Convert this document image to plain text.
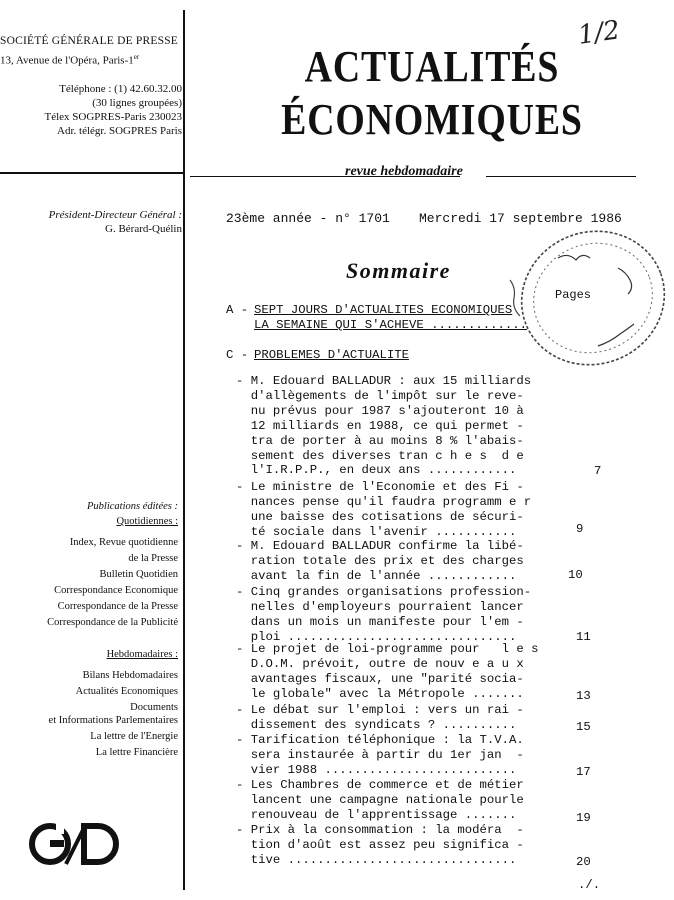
SOCIÉTÉ GÉNÉRALE DE PRESSE
13, Avenue de l'Opéra, Paris-1er
Téléphone : (1) 42.60.32.00
(30 lignes groupées)
Télex SOGPRES-Paris 230023
Adr. télégr. SOGPRES Paris
Président-Directeur Général :
G. Bérard-Quélin
Publications éditées :
Quotidiennes :
Index, Revue quotidienne
de la Presse
Bulletin Quotidien
Correspondance Economique
Correspondance de la Presse
Correspondance de la Publicité
Hebdomadaires :
Bilans Hebdomadaires
Actualités Economiques
Documents
et Informations Parlementaires
La lettre de l'Energie
La lettre Financière
ACTUALITÉS
ÉCONOMIQUES
revue hebdomadaire
1/2
23ème année - n° 1701 Mercredi 17 septembre 1986
Sommaire
Pages
A - SEPT JOURS D'ACTUALITES ECONOMIQUES
LA SEMAINE QUI S'ACHEVE .............
C - PROBLEMES D'ACTUALITE
- M. Edouard BALLADUR : aux 15 milliards
d'allègements de l'impôt sur le reve-
nu prévus pour 1987 s'ajouteront 10 à
12 milliards en 1988, ce qui permet -
tra de porter à au moins 8 % l'abais-
sement des diverses tran c h e s  d e
l'I.R.P.P., en deux ans ............	7
- Le ministre de l'Economie et des Fi -
nances pense qu'il faudra programm e r
une baisse des cotisations de sécuri-
té sociale dans l'avenir ...........	9
- M. Edouard BALLADUR confirme la libé-
ration totale des prix et des charges
avant la fin de l'année ............	10
- Cinq grandes organisations profession-
nelles d'employeurs pourraient lancer
dans un mois un manifeste pour l'em -
ploi ...............................	11
- Le projet de loi-programme pour   l e s
D.O.M. prévoit, outre de nouv e a u x
avantages fiscaux, une "parité socia-
le globale" avec la Métropole .......	13
- Le débat sur l'emploi : vers un rai -
dissement des syndicats ? ..........	15
- Tarification téléphonique : la T.V.A.
sera instaurée à partir du 1er jan  -
vier 1988 ..........................	17
- Les Chambres de commerce et de métier
lancent une campagne nationale pourle
renouveau de l'apprentissage .......	19
- Prix à la consommation : la modéra  -
tion d'août est assez peu significa -
tive ...............................	20
./.
